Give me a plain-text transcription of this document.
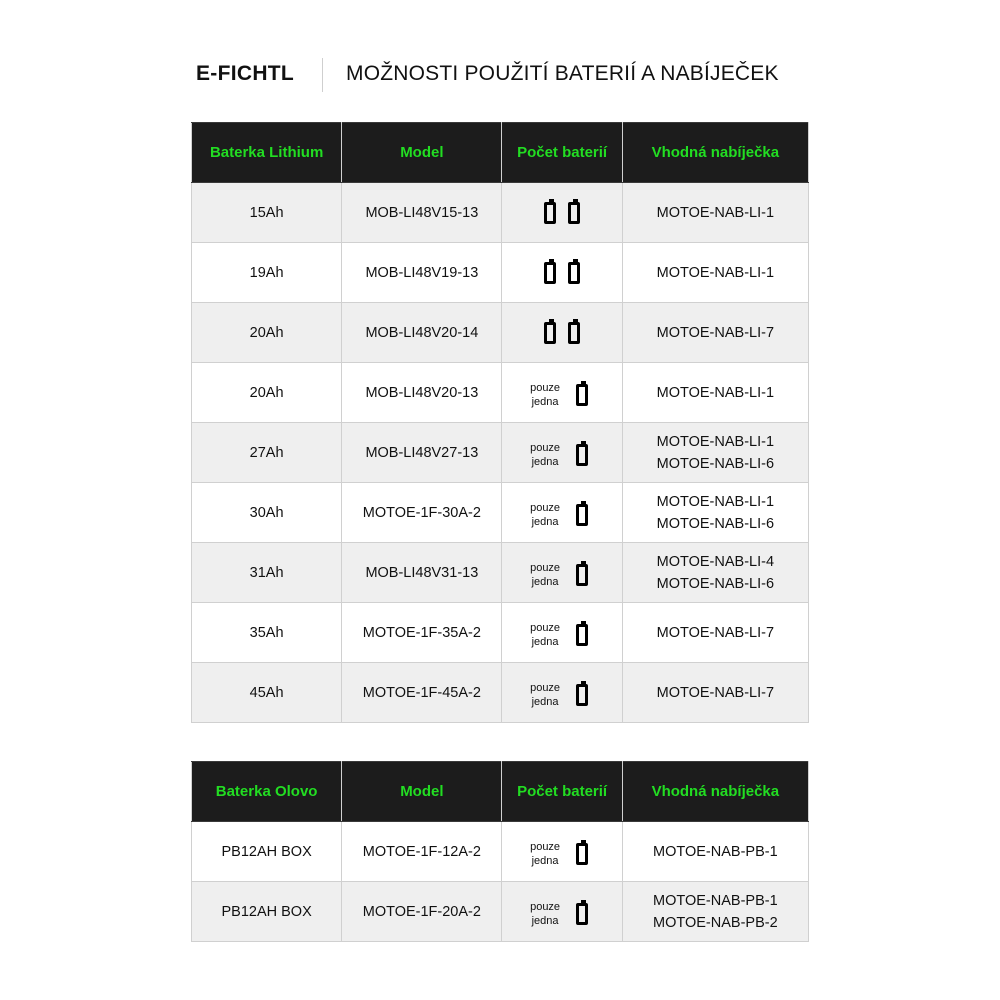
E-FICHTL MOŽNOSTI POUŽITÍ BATERIÍ A NABÍJEČEK
Baterka Lithium	Model	Počet baterií	Vhodná nabíječka
15Ah	MOB-LI48V15-13		MOTOE-NAB-LI-1

19Ah	MOB-LI48V19-13		MOTOE-NAB-LI-1

20Ah	MOB-LI48V20-14		MOTOE-NAB-LI-7

20Ah	MOB-LI48V20-13	pouze
jedna	MOTOE-NAB-LI-1

27Ah	MOB-LI48V27-13	pouze
jedna	MOTOE-NAB-LI-1
MOTOE-NAB-LI-6

30Ah	MOTOE-1F-30A-2	pouze
jedna	MOTOE-NAB-LI-1
MOTOE-NAB-LI-6

31Ah	MOB-LI48V31-13	pouze
jedna	MOTOE-NAB-LI-4
MOTOE-NAB-LI-6

35Ah	MOTOE-1F-35A-2	pouze
jedna	MOTOE-NAB-LI-7

45Ah	MOTOE-1F-45A-2	pouze
jedna	MOTOE-NAB-LI-7
Baterka Olovo	Model	Počet baterií	Vhodná nabíječka
PB12AH BOX	MOTOE-1F-12A-2	pouze
jedna	MOTOE-NAB-PB-1

PB12AH BOX	MOTOE-1F-20A-2	pouze
jedna	MOTOE-NAB-PB-1
MOTOE-NAB-PB-2
